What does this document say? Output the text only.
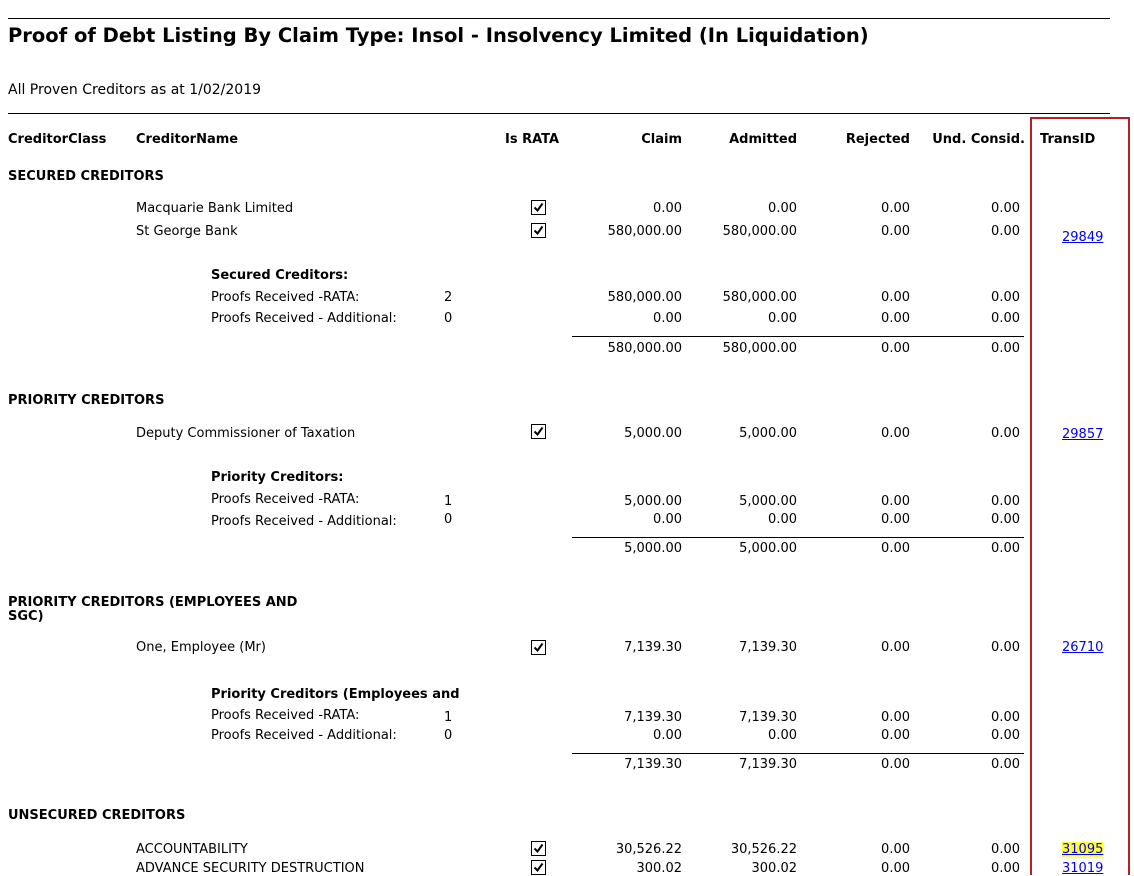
Proof of Debt Listing By Claim Type: Insol - Insolvency Limited (In Liquidation)
All Proven Creditors as at 1/02/2019
CreditorClass CreditorName	Is RATA	Claim	Admitted	Rejected	Und. Consid. TransID
SECURED CREDITORS
Macquarie Bank Limited	0.00	0.00	0.00	0.00
St George Bank	580,000.00	580,000.00	0.00	0.00	29849
Secured Creditors:
Proofs Received -RATA:	2	580,000.00	580,000.00	0.00	0.00
Proofs Received - Additional:	0	0.00	0.00	0.00	0.00
580,000.00	580,000.00	0.00	0.00
PRIORITY CREDITORS
Deputy Commissioner of Taxation	5,000.00	5,000.00	0.00	0.00	29857
Priority Creditors:
Proofs Received -RATA:	1	5,000.00	5,000.00	0.00	0.00
Proofs Received - Additional:	0	0.00	0.00	0.00	0.00
5,000.00	5,000.00	0.00	0.00
PRIORITY CREDITORS (EMPLOYEES AND
SGC)
One, Employee (Mr)	7,139.30	7,139.30	0.00	0.00	26710
Priority Creditors (Employees and
Proofs Received -RATA:	1	7,139.30	7,139.30	0.00	0.00
Proofs Received - Additional:	0	0.00	0.00	0.00	0.00
7,139.30	7,139.30	0.00	0.00
UNSECURED CREDITORS
ACCOUNTABILITY	30,526.22	30,526.22	0.00	0.00	31095
ADVANCE SECURITY DESTRUCTION	300.02	300.02	0.00	0.00	31019
